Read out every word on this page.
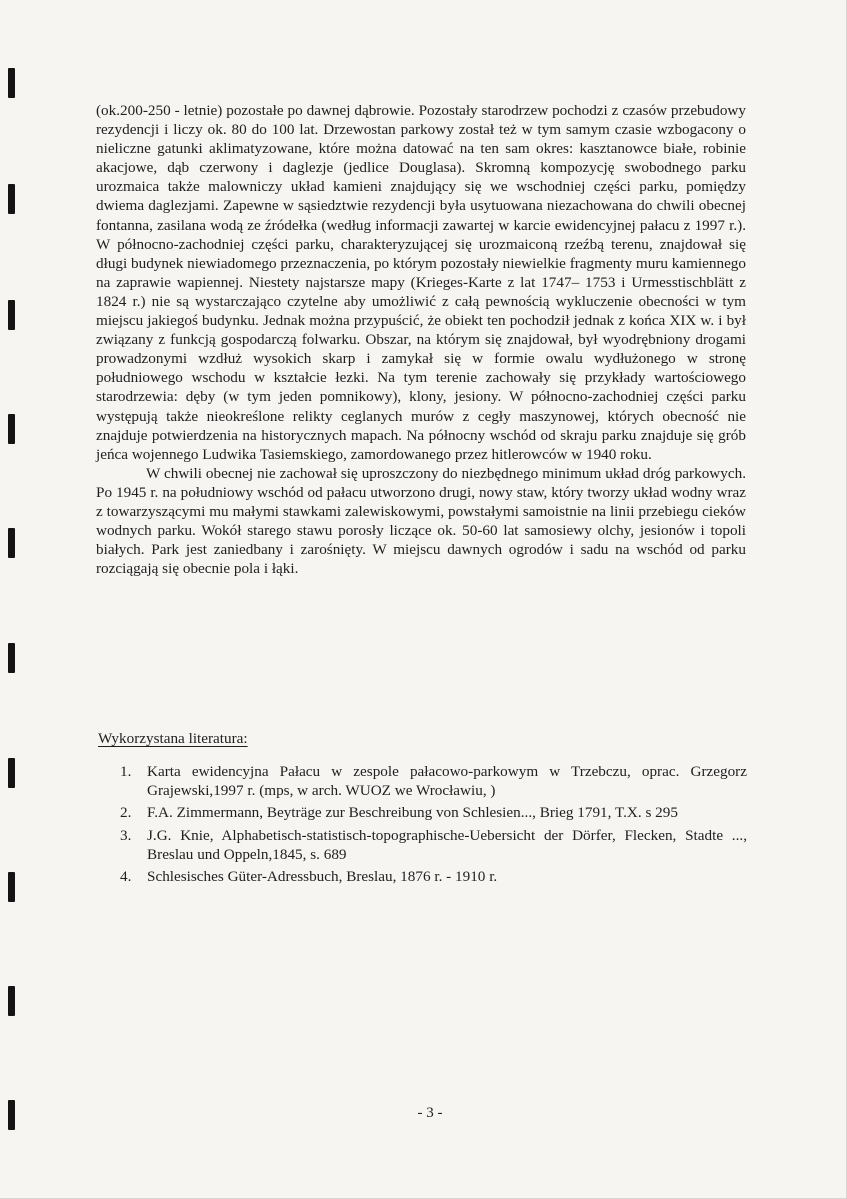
(ok.200-250 - letnie) pozostałe po dawnej dąbrowie. Pozostały starodrzew pochodzi z czasów przebudowy rezydencji i liczy ok. 80 do 100 lat. Drzewostan parkowy został też w tym samym czasie wzbogacony o nieliczne gatunki aklimatyzowane, które można datować na ten sam okres: kasztanowce białe, robinie akacjowe, dąb czerwony i daglezje (jedlice Douglasa). Skromną kompozycję swobodnego parku urozmaica także malowniczy układ kamieni znajdujący się we wschodniej części parku, pomiędzy dwiema daglezjami. Zapewne w sąsiedztwie rezydencji była usytuowana niezachowana do chwili obecnej fontanna, zasilana wodą ze źródełka (według informacji zawartej w karcie ewidencyjnej pałacu z 1997 r.). W północno-zachodniej części parku, charakteryzującej się urozmaiconą rzeźbą terenu, znajdował się długi budynek niewiadomego przeznaczenia, po którym pozostały niewielkie fragmenty muru kamiennego na zaprawie wapiennej. Niestety najstarsze mapy (Krieges-Karte z lat 1747– 1753 i Urmesstischblätt z 1824 r.) nie są wystarczająco czytelne aby umożliwić z całą pewnością wykluczenie obecności w tym miejscu jakiegoś budynku. Jednak można przypuścić, że obiekt ten pochodził jednak z końca XIX w. i był związany z funkcją gospodarczą folwarku. Obszar, na którym się znajdował, był wyodrębniony drogami prowadzonymi wzdłuż wysokich skarp i zamykał się w formie owalu wydłużonego w stronę południowego wschodu w kształcie łezki. Na tym terenie zachowały się przykłady wartościowego starodrzewia: dęby (w tym jeden pomnikowy), klony, jesiony. W północno-zachodniej części parku występują także nieokreślone relikty ceglanych murów z cegły maszynowej, których obecność nie znajduje potwierdzenia na historycznych mapach. Na północny wschód od skraju parku znajduje się grób jeńca wojennego Ludwika Tasiemskiego, zamordowanego przez hitlerowców w 1940 roku.

W chwili obecnej nie zachował się uproszczony do niezbędnego minimum układ dróg parkowych. Po 1945 r. na południowy wschód od pałacu utworzono drugi, nowy staw, który tworzy układ wodny wraz z towarzyszącymi mu małymi stawkami zalewiskowymi, powstałymi samoistnie na linii przebiegu cieków wodnych parku. Wokół starego stawu porosły liczące ok. 50-60 lat samosiewy olchy, jesionów i topoli białych. Park jest zaniedbany i zarośnięty. W miejscu dawnych ogrodów i sadu na wschód od parku rozciągają się obecnie pola i łąki.

Wykorzystana literatura:
1.	Karta ewidencyjna Pałacu w zespole pałacowo-parkowym w Trzebczu, oprac. Grzegorz Grajewski,1997 r. (mps, w arch. WUOZ we Wrocławiu, )
2.	F.A. Zimmermann, Beyträge zur Beschreibung von Schlesien..., Brieg 1791, T.X. s 295
3.	J.G. Knie, Alphabetisch-statistisch-topographische-Uebersicht der Dörfer, Flecken, Stadte ..., Breslau und Oppeln,1845, s. 689
4.	Schlesisches Güter-Adressbuch, Breslau, 1876 r. - 1910 r.
- 3 -
